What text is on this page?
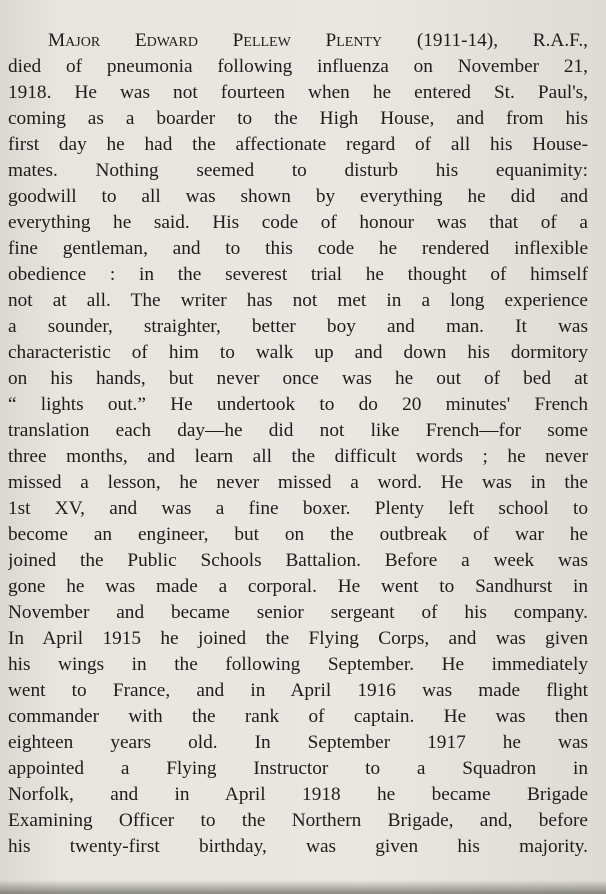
Major Edward Pellew Plenty (1911-14), R.A.F.,
died of pneumonia following influenza on November 21,
1918. He was not fourteen when he entered St. Paul's,
coming as a boarder to the High House, and from his
first day he had the affectionate regard of all his House-
mates. Nothing seemed to disturb his equanimity:
goodwill to all was shown by everything he did and
everything he said. His code of honour was that of a
fine gentleman, and to this code he rendered inflexible
obedience : in the severest trial he thought of himself
not at all. The writer has not met in a long experience
a sounder, straighter, better boy and man. It was
characteristic of him to walk up and down his dormitory
on his hands, but never once was he out of bed at
“ lights out.” He undertook to do 20 minutes' French
translation each day—he did not like French—for some
three months, and learn all the difficult words ; he never
missed a lesson, he never missed a word. He was in the
1st XV, and was a fine boxer. Plenty left school to
become an engineer, but on the outbreak of war he
joined the Public Schools Battalion. Before a week was
gone he was made a corporal. He went to Sandhurst in
November and became senior sergeant of his company.
In April 1915 he joined the Flying Corps, and was given
his wings in the following September. He immediately
went to France, and in April 1916 was made flight
commander with the rank of captain. He was then
eighteen years old. In September 1917 he was
appointed a Flying Instructor to a Squadron in
Norfolk, and in April 1918 he became Brigade
Examining Officer to the Northern Brigade, and, before
his twenty-first birthday, was given his majority.
